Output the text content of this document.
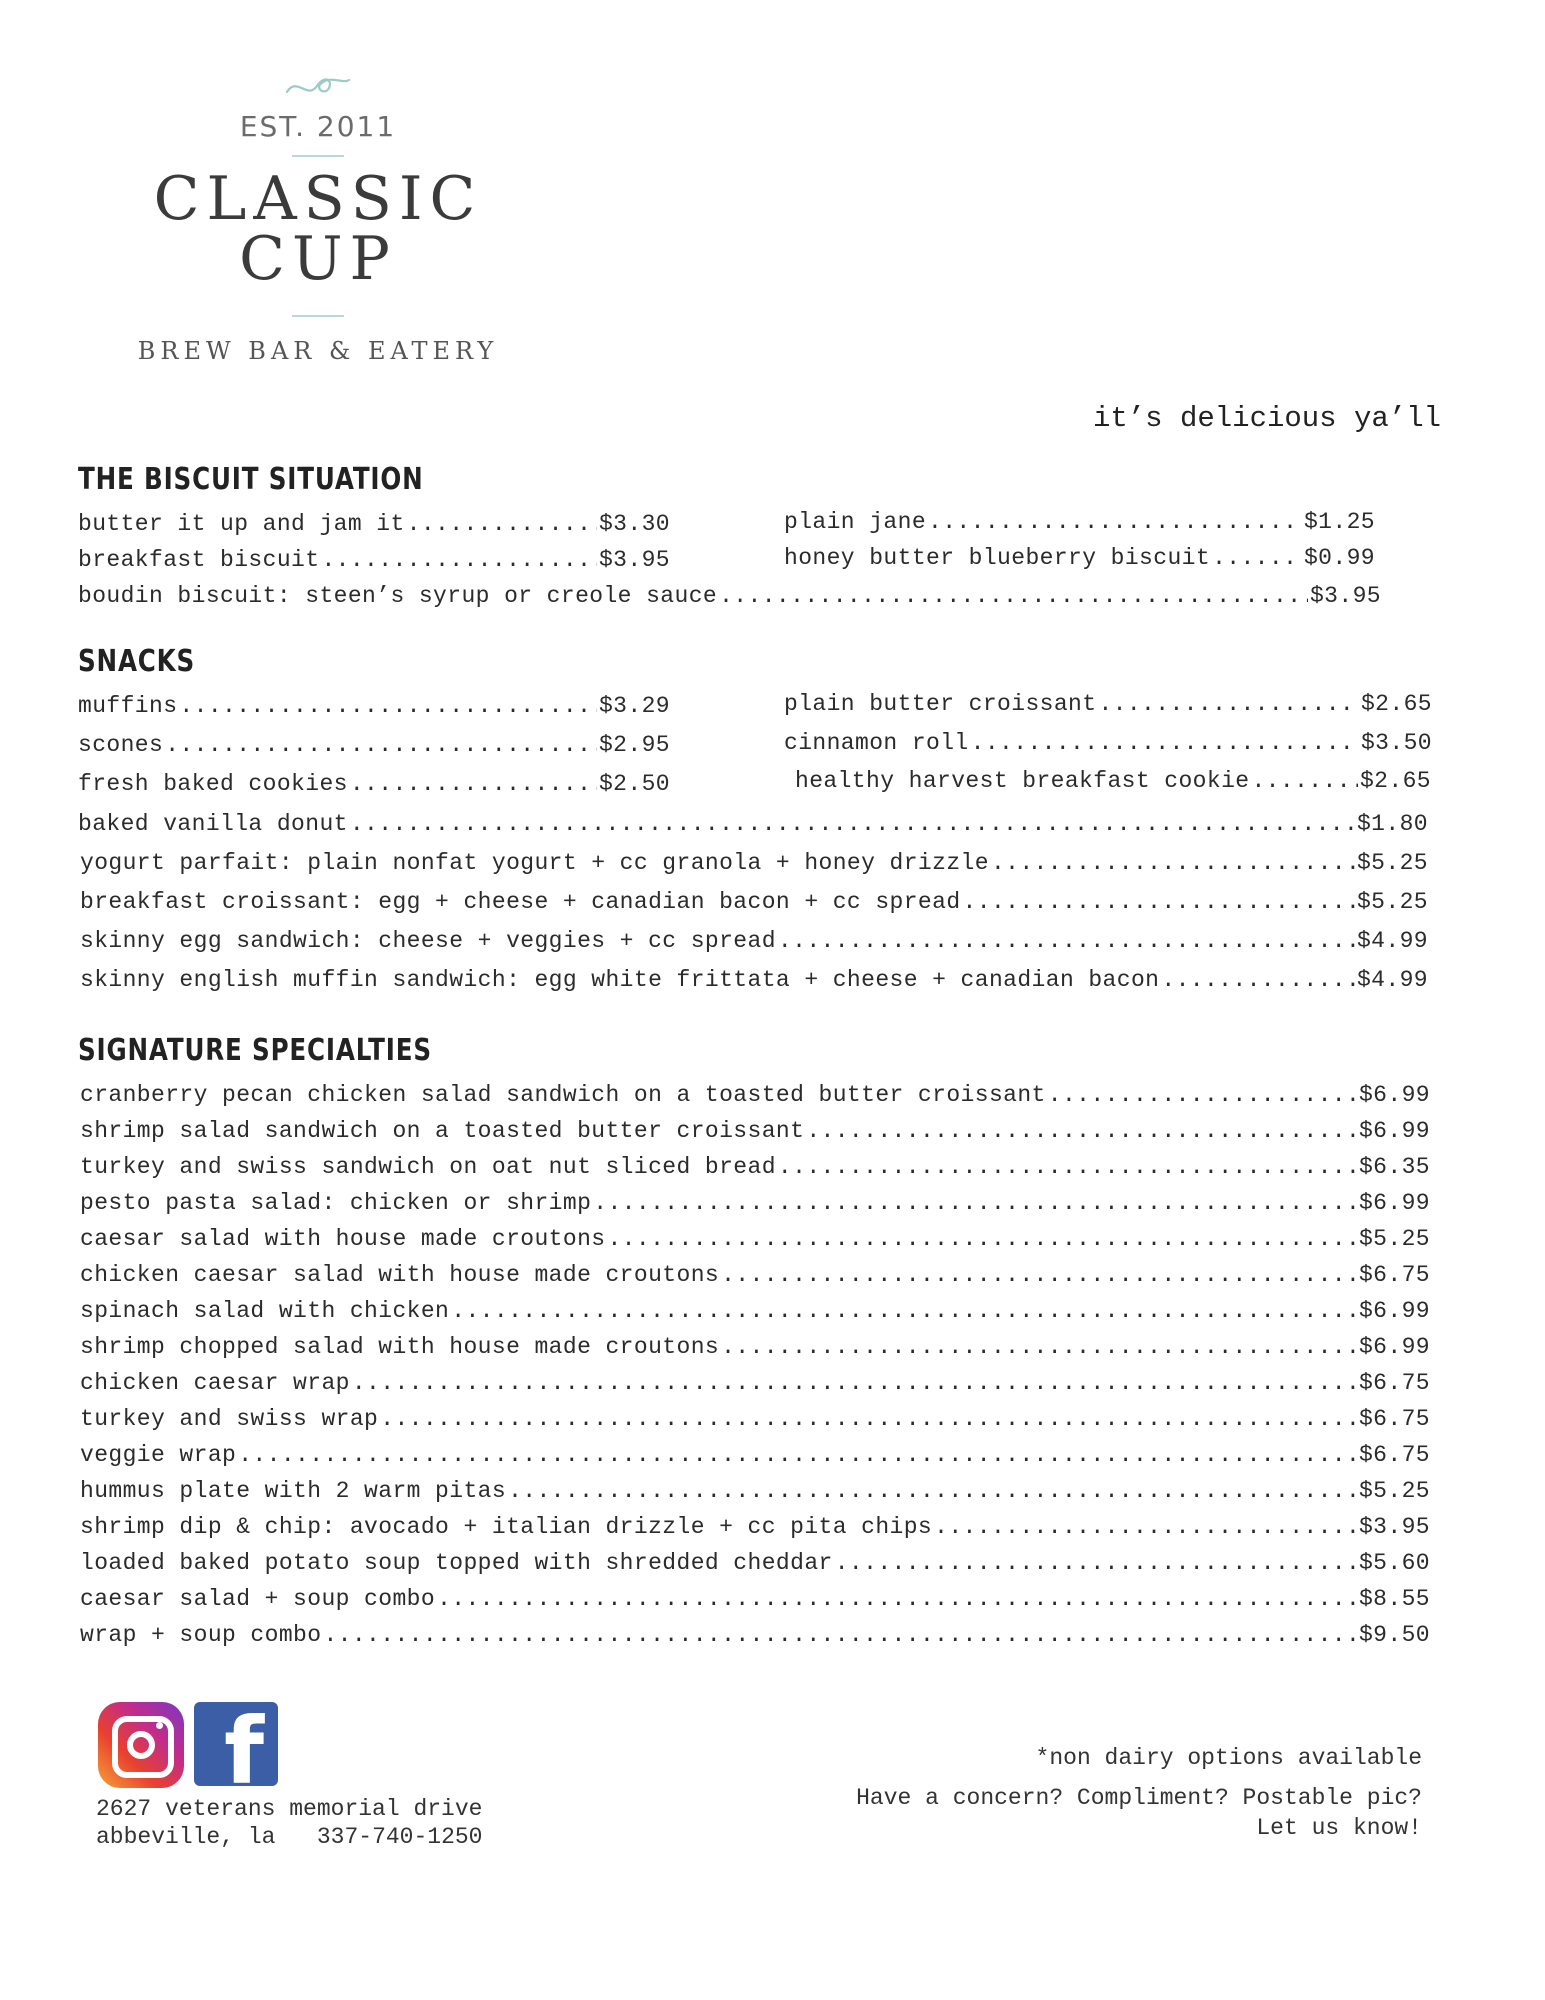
EST. 2011
CLASSIC CUP
BREW BAR & EATERY
it’s delicious ya’ll
THE BISCUIT SITUATION
butter it up and jam it .....	$3.30
breakfast biscuit .....	$3.95
plain jane .....	$1.25
honey butter blueberry biscuit .....	$0.99
boudin biscuit: steen’s syrup or creole sauce .....	$3.95
SNACKS
muffins .....	$3.29
scones .....	$2.95
fresh baked cookies .....	$2.50
plain butter croissant .....	$2.65
cinnamon roll .....	$3.50
healthy harvest breakfast cookie .....	$2.65
baked vanilla donut .....	$1.80
yogurt parfait: plain nonfat yogurt + cc granola + honey drizzle .....	$5.25
breakfast croissant: egg + cheese + canadian bacon + cc spread .....	$5.25
skinny egg sandwich: cheese + veggies + cc spread .....	$4.99
skinny english muffin sandwich: egg white frittata + cheese + canadian bacon .....	$4.99
SIGNATURE SPECIALTIES
cranberry pecan chicken salad sandwich on a toasted butter croissant .....	$6.99
shrimp salad sandwich on a toasted butter croissant .....	$6.99
turkey and swiss sandwich on oat nut sliced bread .....	$6.35
pesto pasta salad: chicken or shrimp .....	$6.99
caesar salad with house made croutons .....	$5.25
chicken caesar salad with house made croutons .....	$6.75
spinach salad with chicken .....	$6.99
shrimp chopped salad with house made croutons .....	$6.99
chicken caesar wrap .....	$6.75
turkey and swiss wrap .....	$6.75
veggie wrap .....	$6.75
hummus plate with 2 warm pitas .....	$5.25
shrimp dip & chip: avocado + italian drizzle + cc pita chips .....	$3.95
loaded baked potato soup topped with shredded cheddar .....	$5.60
caesar salad + soup combo .....	$8.55
wrap + soup combo .....	$9.50
f
2627 veterans memorial drive
abbeville, la 337-740-1250
*non dairy options available
Have a concern? Compliment? Postable pic?
Let us know!
